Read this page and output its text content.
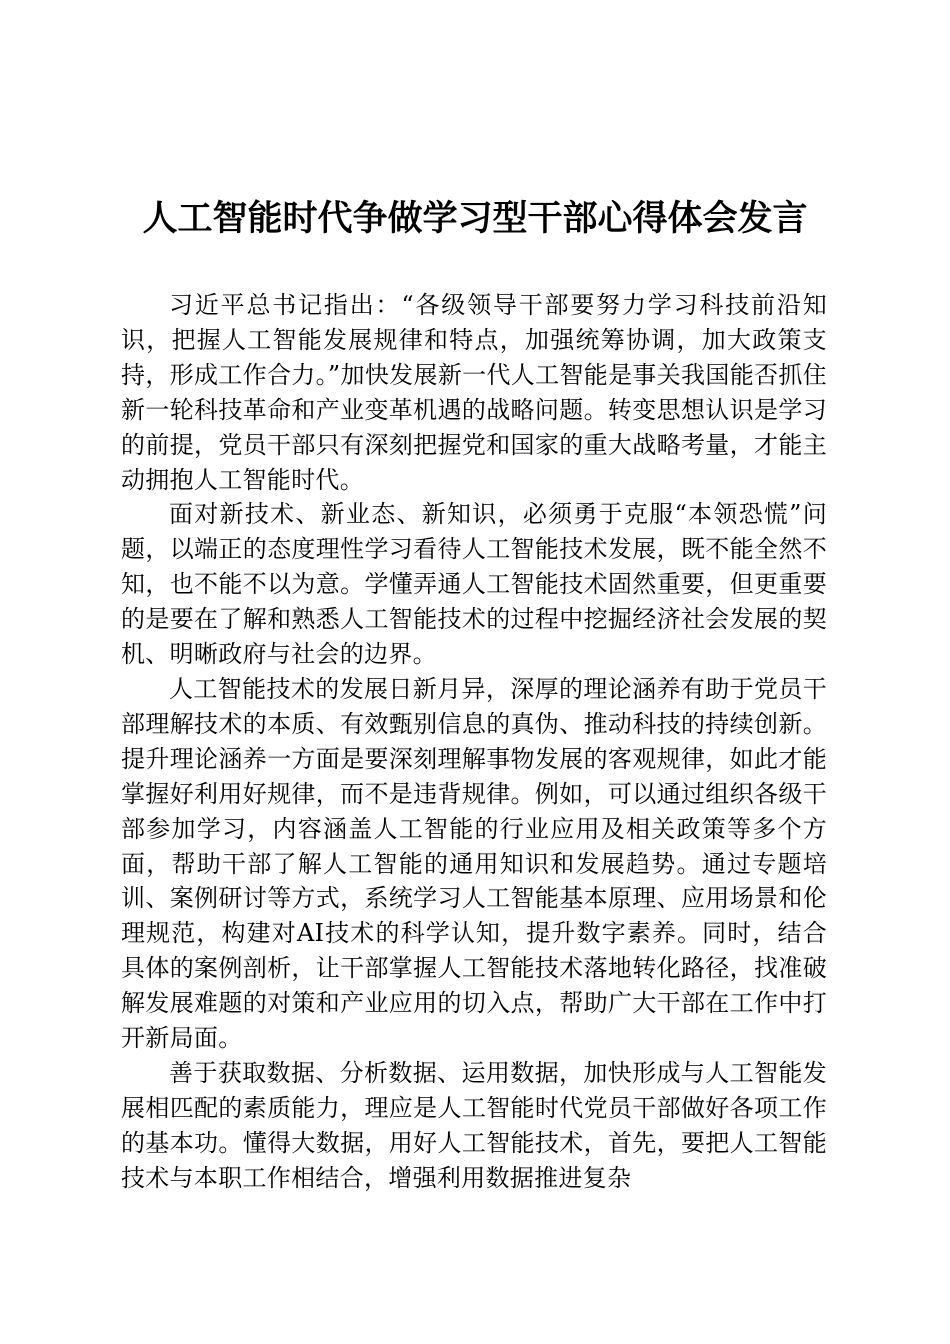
人工智能时代争做学习型干部心得体会发言

习近平总书记指出：“各级领导干部要努力学习科技前沿知识，把握人工智能发展规律和特点，加强统筹协调，加大政策支持，形成工作合力。”加快发展新一代人工智能是事关我国能否抓住新一轮科技革命和产业变革机遇的战略问题。转变思想认识是学习的前提，党员干部只有深刻把握党和国家的重大战略考量，才能主动拥抱人工智能时代。

面对新技术、新业态、新知识，必须勇于克服“本领恐慌”问题，以端正的态度理性学习看待人工智能技术发展，既不能全然不知，也不能不以为意。学懂弄通人工智能技术固然重要，但更重要的是要在了解和熟悉人工智能技术的过程中挖掘经济社会发展的契机、明晰政府与社会的边界。

人工智能技术的发展日新月异，深厚的理论涵养有助于党员干部理解技术的本质、有效甄别信息的真伪、推动科技的持续创新。提升理论涵养一方面是要深刻理解事物发展的客观规律，如此才能掌握好利用好规律，而不是违背规律。例如，可以通过组织各级干部参加学习，内容涵盖人工智能的行业应用及相关政策等多个方面，帮助干部了解人工智能的通用知识和发展趋势。通过专题培训、案例研讨等方式，系统学习人工智能基本原理、应用场景和伦理规范，构建对AI技术的科学认知，提升数字素养。同时，结合具体的案例剖析，让干部掌握人工智能技术落地转化路径，找准破解发展难题的对策和产业应用的切入点，帮助广大干部在工作中打开新局面。

善于获取数据、分析数据、运用数据，加快形成与人工智能发展相匹配的素质能力，理应是人工智能时代党员干部做好各项工作的基本功。懂得大数据，用好人工智能技术，首先，要把人工智能技术与本职工作相结合，增强利用数据推进复杂
